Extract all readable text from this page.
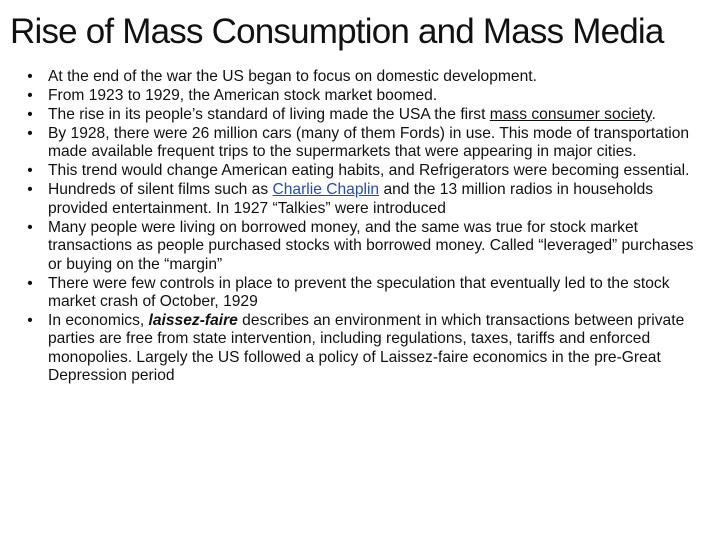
Rise of Mass Consumption and Mass Media
• At the end of the war the US began to focus on domestic development.
• From 1923 to 1929, the American stock market boomed.
• The rise in its people’s standard of living made the USA the first mass consumer society.
• By 1928, there were 26 million cars (many of them Fords) in use. This mode of transportation made available frequent trips to the supermarkets that were appearing in major cities.
• This trend would change American eating habits, and Refrigerators were becoming essential.
• Hundreds of silent films such as Charlie Chaplin and the 13 million radios in households provided entertainment. In 1927 “Talkies” were introduced
• Many people were living on borrowed money, and the same was true for stock market transactions as people purchased stocks with borrowed money. Called “leveraged” purchases or buying on the “margin”
• There were few controls in place to prevent the speculation that eventually led to the stock market crash of October, 1929
• In economics, laissez-faire describes an environment in which transactions between private parties are free from state intervention, including regulations, taxes, tariffs and enforced monopolies. Largely the US followed a policy of Laissez-faire economics in the pre-Great Depression period
